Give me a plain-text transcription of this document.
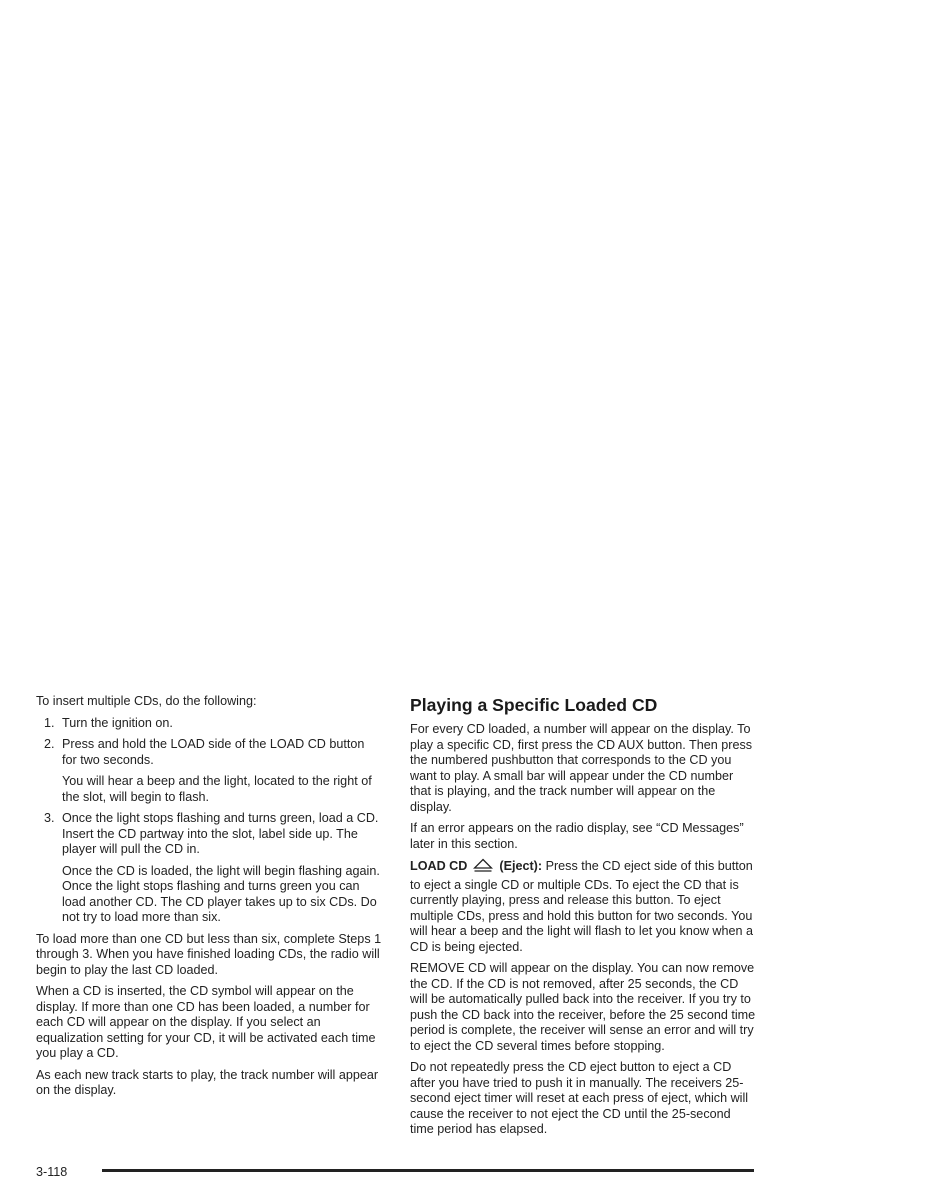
To insert multiple CDs, do the following:

1. Turn the ignition on.

2. Press and hold the LOAD side of the LOAD CD button for two seconds.

You will hear a beep and the light, located to the right of the slot, will begin to flash.

3. Once the light stops flashing and turns green, load a CD. Insert the CD partway into the slot, label side up. The player will pull the CD in.

Once the CD is loaded, the light will begin flashing again. Once the light stops flashing and turns green you can load another CD. The CD player takes up to six CDs. Do not try to load more than six.

To load more than one CD but less than six, complete Steps 1 through 3. When you have finished loading CDs, the radio will begin to play the last CD loaded.

When a CD is inserted, the CD symbol will appear on the display. If more than one CD has been loaded, a number for each CD will appear on the display. If you select an equalization setting for your CD, it will be activated each time you play a CD.

As each new track starts to play, the track number will appear on the display.

Playing a Specific Loaded CD

For every CD loaded, a number will appear on the display. To play a specific CD, first press the CD AUX button. Then press the numbered pushbutton that corresponds to the CD you want to play. A small bar will appear under the CD number that is playing, and the track number will appear on the display.

If an error appears on the radio display, see “CD Messages” later in this section.

LOAD CD	(Eject): Press the CD eject side of this button to eject a single CD or multiple CDs. To eject the CD that is currently playing, press and release this button. To eject multiple CDs, press and hold this button for two seconds. You will hear a beep and the light will flash to let you know when a CD is being ejected.

REMOVE CD will appear on the display. You can now remove the CD. If the CD is not removed, after 25 seconds, the CD will be automatically pulled back into the receiver. If you try to push the CD back into the receiver, before the 25 second time period is complete, the receiver will sense an error and will try to eject the CD several times before stopping.

Do not repeatedly press the CD eject button to eject a CD after you have tried to push it in manually. The receivers 25-second eject timer will reset at each press of eject, which will cause the receiver to not eject the CD until the 25-second time period has elapsed.

3-118
